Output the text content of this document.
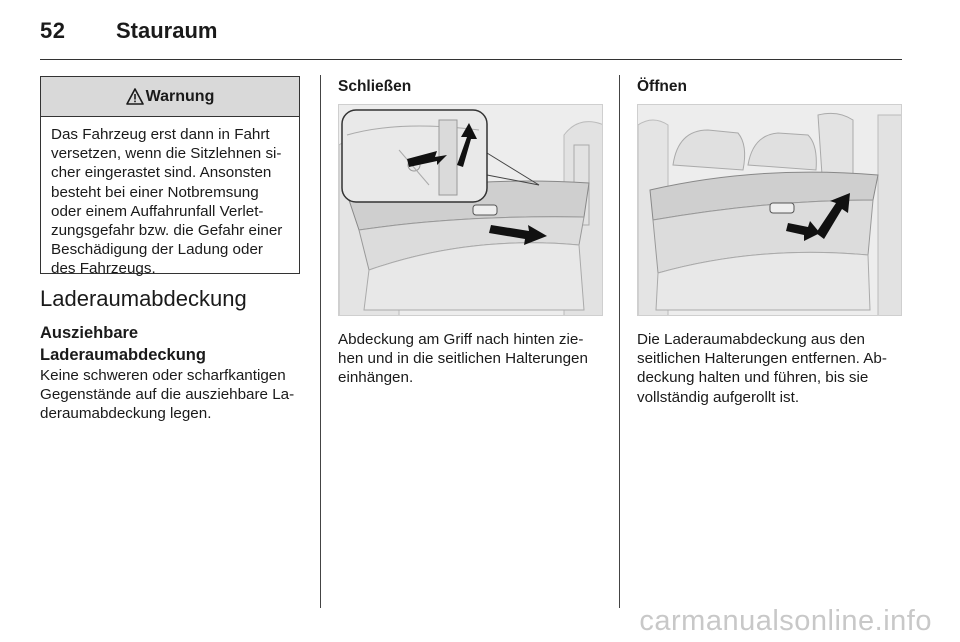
52 Stauraum
Warnung
Das Fahrzeug erst dann in Fahrt
versetzen, wenn die Sitzlehnen si-
cher eingerastet sind. Ansonsten
besteht bei einer Notbremsung
oder einem Auffahrunfall Verlet-
zungsgefahr bzw. die Gefahr einer
Beschädigung der Ladung oder
des Fahrzeugs.
Laderaumabdeckung
Ausziehbare
Laderaumabdeckung
Keine schweren oder scharfkantigen
Gegenstände auf die ausziehbare La-
deraumabdeckung legen.
Schließen
Abdeckung am Griff nach hinten zie-
hen und in die seitlichen Halterungen
einhängen.
Öffnen
Die Laderaumabdeckung aus den
seitlichen Halterungen entfernen. Ab-
deckung halten und führen, bis sie
vollständig aufgerollt ist.
carmanualsonline.info
